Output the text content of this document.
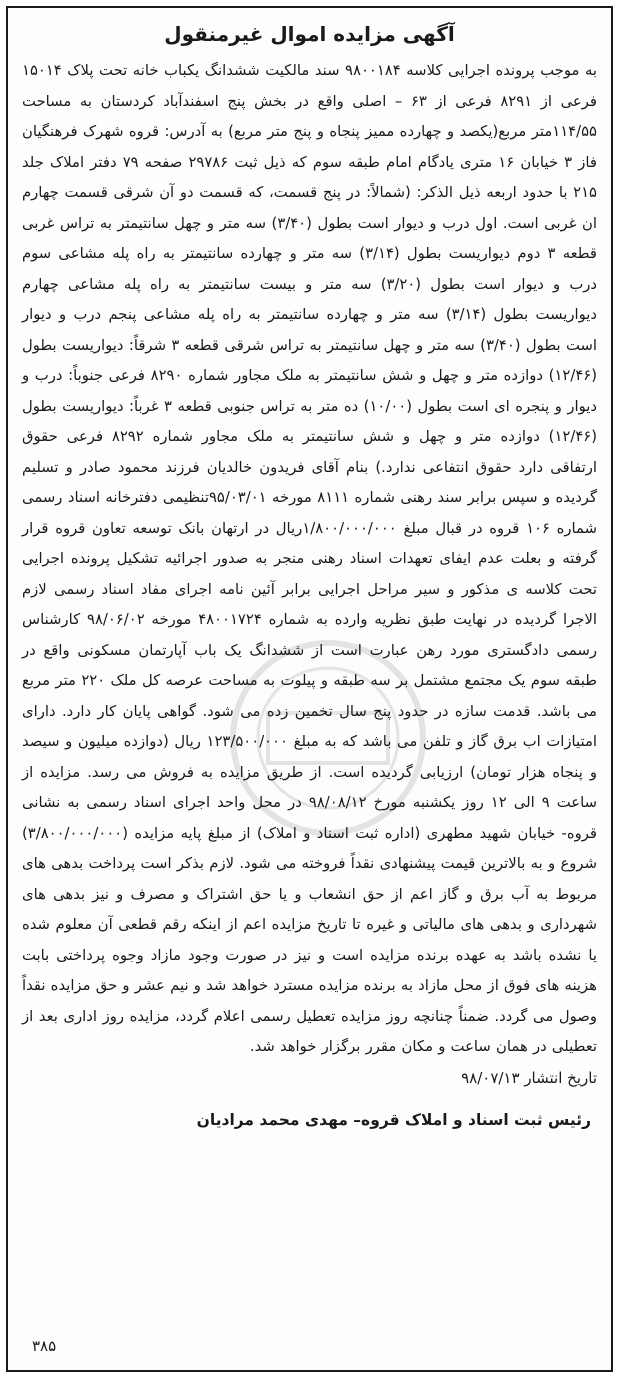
آگهی مزایده اموال غیرمنقول

به موجب پرونده اجرایی کلاسه ۹۸۰۰۱۸۴ سند مالکیت ششدانگ یکباب خانه تحت پلاک ۱۵۰۱۴ فرعی از ۸۲۹۱ فرعی از ۶۳ – اصلی واقع در بخش پنج اسفندآباد کردستان به مساحت ۱۱۴/۵۵متر مربع(یکصد و چهارده ممیز پنجاه و پنج متر مربع) به آدرس: قروه شهرک فرهنگیان فاز ۳ خیابان ۱۶ متری یادگام امام طبقه سوم که ذیل ثبت ۲۹۷۸۶ صفحه ۷۹ دفتر املاک جلد ۲۱۵ با حدود اربعه ذیل الذکر: (شمالاً: در پنج قسمت، که قسمت دو آن شرقی قسمت چهارم ان غربی است. اول درب و دیوار است بطول (۳/۴۰) سه متر و چهل سانتیمتر به تراس غربی قطعه ۳ دوم دیواریست بطول (۳/۱۴) سه متر و چهارده سانتیمتر به راه پله مشاعی سوم درب و دیوار است بطول (۳/۲۰) سه متر و بیست سانتیمتر به راه پله مشاعی چهارم دیواریست بطول (۳/۱۴) سه متر و چهارده سانتیمتر به راه پله مشاعی پنجم درب و دیوار است بطول (۳/۴۰) سه متر و چهل سانتیمتر به تراس شرقی قطعه ۳ شرقاً: دیواریست بطول (۱۲/۴۶) دوازده متر و چهل و شش سانتیمتر به ملک مجاور شماره ۸۲۹۰ فرعی جنوباً: درب و دیوار و پنجره ای است بطول (۱۰/۰۰) ده متر به تراس جنوبی قطعه ۳ غرباً: دیواریست بطول (۱۲/۴۶) دوازده متر و چهل و شش سانتیمتر به ملک مجاور شماره ۸۲۹۲ فرعی حقوق ارتفاقی دارد حقوق انتفاعی ندارد.) بنام آقای فریدون خالدیان فرزند محمود صادر و تسلیم گردیده و سپس برابر سند رهنی شماره ۸۱۱۱ مورخه ۹۵/۰۳/۰۱تنظیمی دفترخانه اسناد رسمی شماره ۱۰۶ قروه در قبال مبلغ ۱/۸۰۰/۰۰۰/۰۰۰ریال در ارتهان بانک توسعه تعاون قروه قرار گرفته و بعلت عدم ایفای تعهدات اسناد رهنی منجر به صدور اجرائیه تشکیل پرونده اجرایی تحت کلاسه ی مذکور و سیر مراحل اجرایی برابر آئین نامه اجرای مفاد اسناد رسمی لازم الاجرا گردیده در نهایت طبق نظریه وارده به شماره ۴۸۰۰۱۷۲۴ مورخه ۹۸/۰۶/۰۲ کارشناس رسمی دادگستری مورد رهن عبارت است از ششدانگ یک باب آپارتمان مسکونی واقع در طبقه سوم یک مجتمع مشتمل بر سه طبقه و پیلوت به مساحت عرصه کل ملک ۲۲۰ متر مربع می باشد. قدمت سازه در حدود پنج سال تخمین زده می شود. گواهی پایان کار دارد. دارای امتیازات اب برق گاز و تلفن می باشد که به مبلغ ۱۲۳/۵۰۰/۰۰۰ ریال (دوازده میلیون و سیصد و پنجاه هزار تومان) ارزیابی گردیده است. از طریق مزایده به فروش می رسد. مزایده از ساعت ۹ الی ۱۲ روز یکشنبه مورخ ۹۸/۰۸/۱۲ در محل واحد اجرای اسناد رسمی به نشانی قروه- خیابان شهید مطهری (اداره ثبت اسناد و املاک) از مبلغ پایه مزایده (۳/۸۰۰/۰۰۰/۰۰۰) شروع و به بالاترین قیمت پیشنهادی نقداً فروخته می شود. لازم بذکر است پرداخت بدهی های مربوط به آب برق و گاز اعم از حق انشعاب و یا حق اشتراک و مصرف و نیز بدهی های شهرداری و بدهی های مالیاتی و غیره تا تاریخ مزایده اعم از اینکه رقم قطعی آن معلوم شده یا نشده باشد به عهده برنده مزایده است و نیز در صورت وجود مازاد وجوه پرداختی بابت هزینه های فوق از محل مازاد به برنده مزایده مسترد خواهد شد و نیم عشر و حق مزایده نقداً وصول می گردد. ضمناً چنانچه روز مزایده تعطیل رسمی اعلام گردد، مزایده روز اداری بعد از تعطیلی در همان ساعت و مکان مقرر برگزار خواهد شد.

تاریخ انتشار ۹۸/۰۷/۱۳

رئیس ثبت اسناد و املاک قروه– مهدی محمد مرادیان

۳۸۵
